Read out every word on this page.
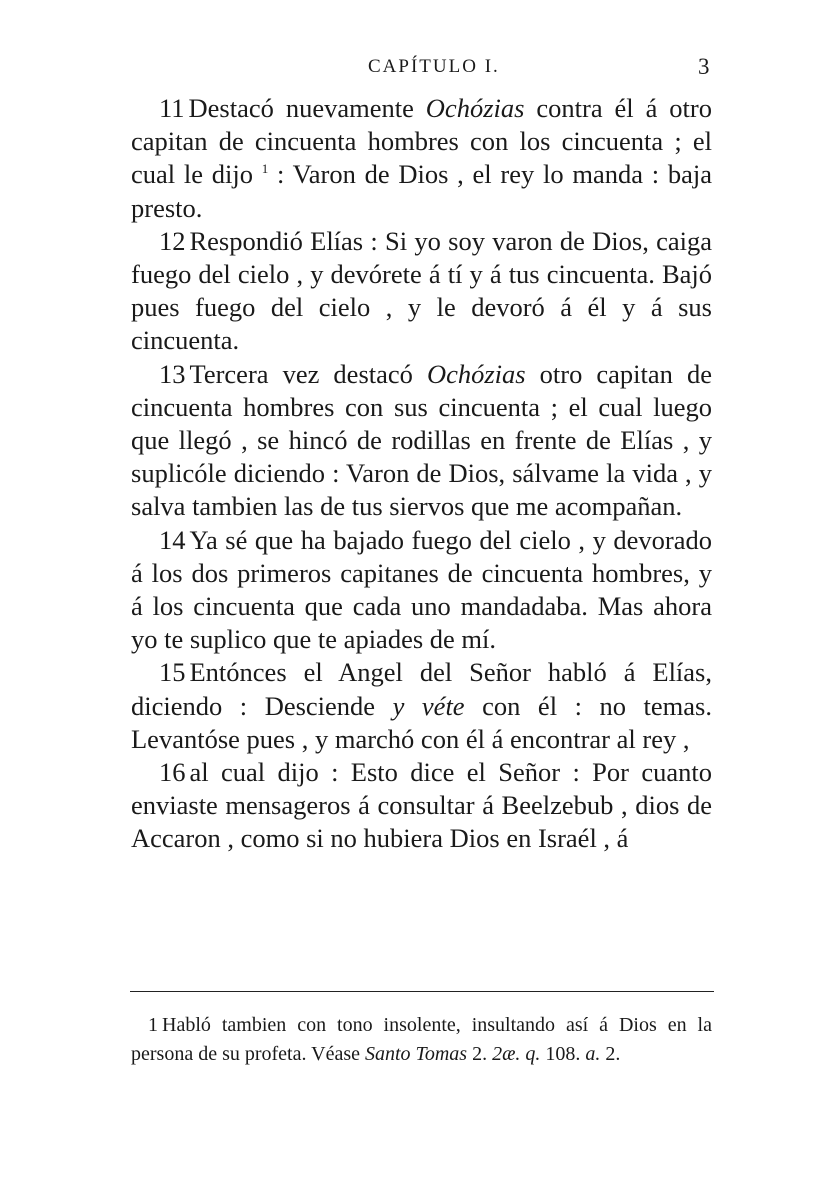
CAPÍTULO I.	3

11 Destacó nuevamente Ochózias contra él á otro capitan de cincuenta hombres con los cincuenta ; el cual le dijo $^1$ : Varon de Dios , el rey lo manda : baja presto.

12 Respondió Elías : Si yo soy varon de Dios, caiga fuego del cielo , y devórete á tí y á tus cincuenta. Bajó pues fuego del cielo , y le devoró á él y á sus cincuenta.

13 Tercera vez destacó Ochózias otro capitan de cincuenta hombres con sus cincuenta ; el cual luego que llegó , se hincó de rodillas en frente de Elías , y suplicóle diciendo : Varon de Dios, sálvame la vida , y salva tambien las de tus siervos que me acompañan.

14 Ya sé que ha bajado fuego del cielo , y devorado á los dos primeros capitanes de cincuenta hombres, y á los cincuenta que cada uno mandadaba. Mas ahora yo te suplico que te apiades de mí.

15 Entónces el Angel del Señor habló á Elías, diciendo : Desciende y véte con él : no temas. Levantóse pues , y marchó con él á encontrar al rey ,

16 al cual dijo : Esto dice el Señor : Por cuanto enviaste mensageros á consultar á Beelzebub , dios de Accaron , como si no hubiera Dios en Israél , á

1 Habló tambien con tono insolente, insultando así á Dios en la persona de su profeta. Véase Santo Tomas 2. 2æ. q. 108. a. 2.
